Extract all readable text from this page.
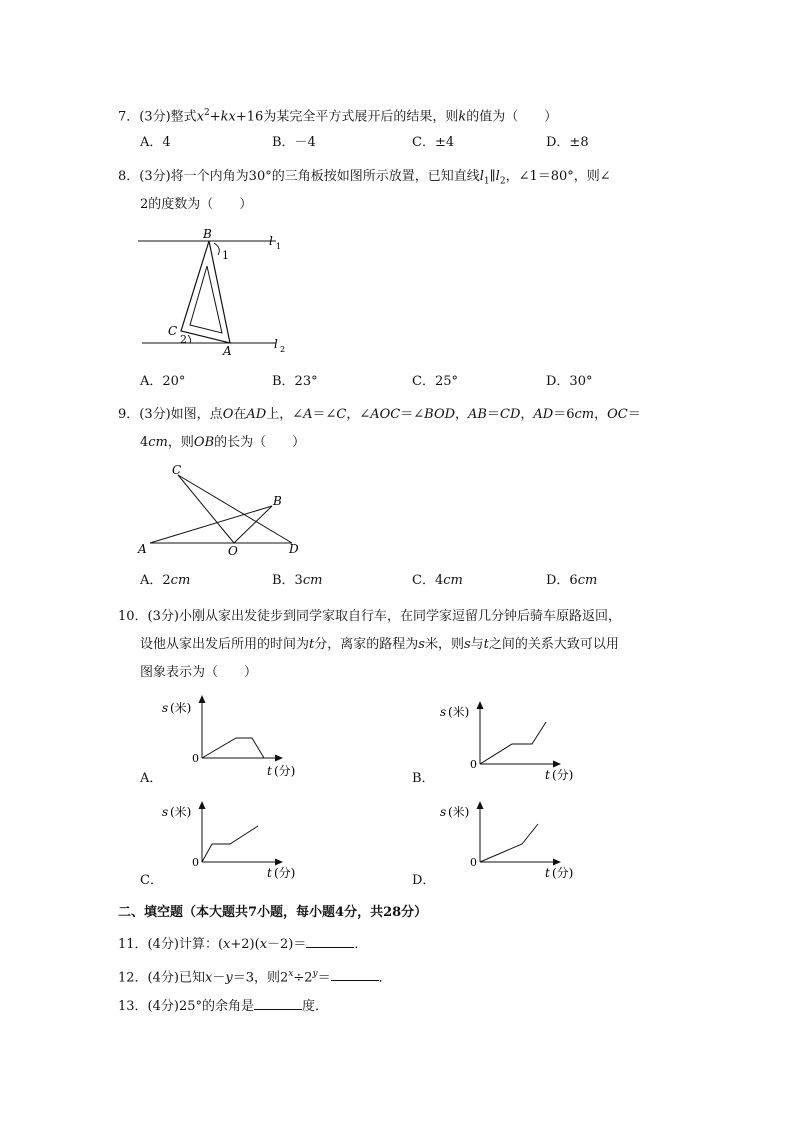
7．(3分)整式$x^2+kx+16$为某完全平方式展开后的结果，则k的值为（　　）
A．4	B．－4	C．±4	D．±8
8．(3分)将一个内角为30°的三角板按如图所示放置，已知直线$l_1\parallel l_2$，∠1＝80°，则∠
2的度数为（　　）
B
1
C
2
A
l 1
l 2
A．20°	B．23°	C．25°	D．30°
9．(3分)如图，点O在AD上，∠A＝∠C，∠AOC＝∠BOD，AB＝CD，AD＝6cm，OC＝
4cm，则OB的长为（　　）
C
B
A	O	D
A．2cm	B．3cm	C．4cm	D．6cm
10．(3分)小刚从家出发徒步到同学家取自行车，在同学家逗留几分钟后骑车原路返回，
设他从家出发后所用的时间为t分，离家的路程为s米，则s与t之间的关系大致可以用
图象表示为（　　）
s (米)
0
t (分)
A．
s (米)
0
t (分)
B．
s (米)
0
t (分)
C．
s (米)
0
t (分)
D．
二、填空题（本大题共7小题，每小题4分，共28分）
11．(4分)计算：(x+2)(x－2)＝	．
12．(4分)已知x－y＝3，则$2^x\div 2^y=$	．
13．(4分)25°的余角是	度．
